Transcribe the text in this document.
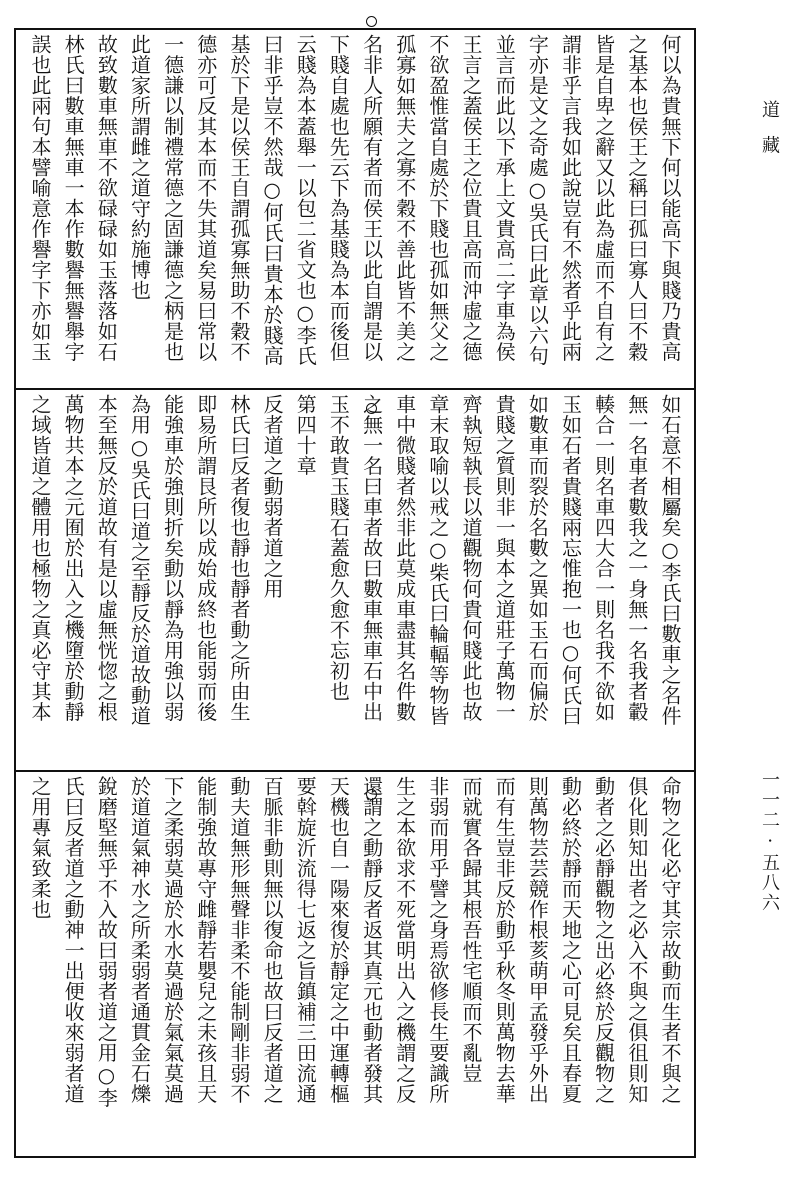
何以為貴無下何以能高下與賤乃貴高
之基本也侯王之稱曰孤曰寡人曰不穀
皆是自卑之辭又以此為虛而不自有之
謂非乎言我如此說豈有不然者乎此兩
字亦是文之奇處○吳氏曰此章以六句
並言而此以下承上文貴高二字車為侯
王言之蓋侯王之位貴且高而沖虛之德
不欲盈惟當自處於下賤也孤如無父之
孤寡如無夫之寡不穀不善此皆不美之
名非人所願有者而侯王以此自謂是以
下賤自處也先云下為基賤為本而後但
云賤為本蓋舉一以包二省文也○李氏
曰非乎豈不然哉○何氏曰貴本於賤高
基於下是以侯王自謂孤寡無助不穀不
德亦可反其本而不失其道矣易曰常以
一德謙以制禮常德之固謙德之柄是也
此道家所謂雌之道守約施博也
故致數車無車不欲碌碌如玉落落如石
林氏曰數車無車一本作數譽無譽舉字
誤也此兩句本譬喻意作譽字下亦如玉
如石意不相屬矣○李氏曰數車之名件
無一名車者數我之一身無一名我者轂
輳合一則名車四大合一則名我不欲如
玉如石者貴賤兩忘惟抱一也○何氏曰
如數車而裂於名數之異如玉石而偏於
貴賤之質則非一與本之道莊子萬物一
齊執短執長以道觀物何貴何賤此也故
章末取喻以戒之○柴氏曰輪輻等物皆
車中微賤者然非此莫成車盡其名件數
之無一名曰車者故曰數車無車石中出
玉不敢貴玉賤石蓋愈久愈不忘初也
第四十章
反者道之動弱者道之用
林氏曰反者復也靜也靜者動之所由生
即易所謂艮所以成始成終也能弱而後
能強車於強則折矣動以靜為用強以弱
為用○吳氏曰道之至靜反於道故動道
本至無反於道故有是以虛無恍惚之根
萬物共本之元囿於出入之機墮於動靜
之域皆道之體用也極物之真必守其本
命物之化必守其宗故動而生者不與之
俱化則知出者之必入不與之俱徂則知
動者之必靜觀物之出必終於反觀物之
動必終於靜而天地之心可見矣且春夏
則萬物芸芸競作根荄萌甲孟發乎外出
而有生豈非反於動乎秋冬則萬物去華
而就實各歸其根吾性宅順而不亂豈
非弱而用乎譬之身焉欲修長生要識所
生之本欲求不死當明出入之機謂之反
還謂之動靜反者返其真元也動者發其
天機也自一陽來復於靜定之中運轉樞
要斡旋沂流得七返之旨鎮補三田流通
百脈非動則無以復命也故曰反者道之
動夫道無形無聲非柔不能制剛非弱不
能制強故專守雌靜若嬰兒之未孩且天
下之柔弱莫過於水水莫過於氣氣莫過
於道道氣神水之所柔弱者通貫金石爍
銳磨堅無乎不入故曰弱者道之用○李
氏曰反者道之動神一出便收來弱者道
之用專氣致柔也
道 藏
一一二 · 五八六
